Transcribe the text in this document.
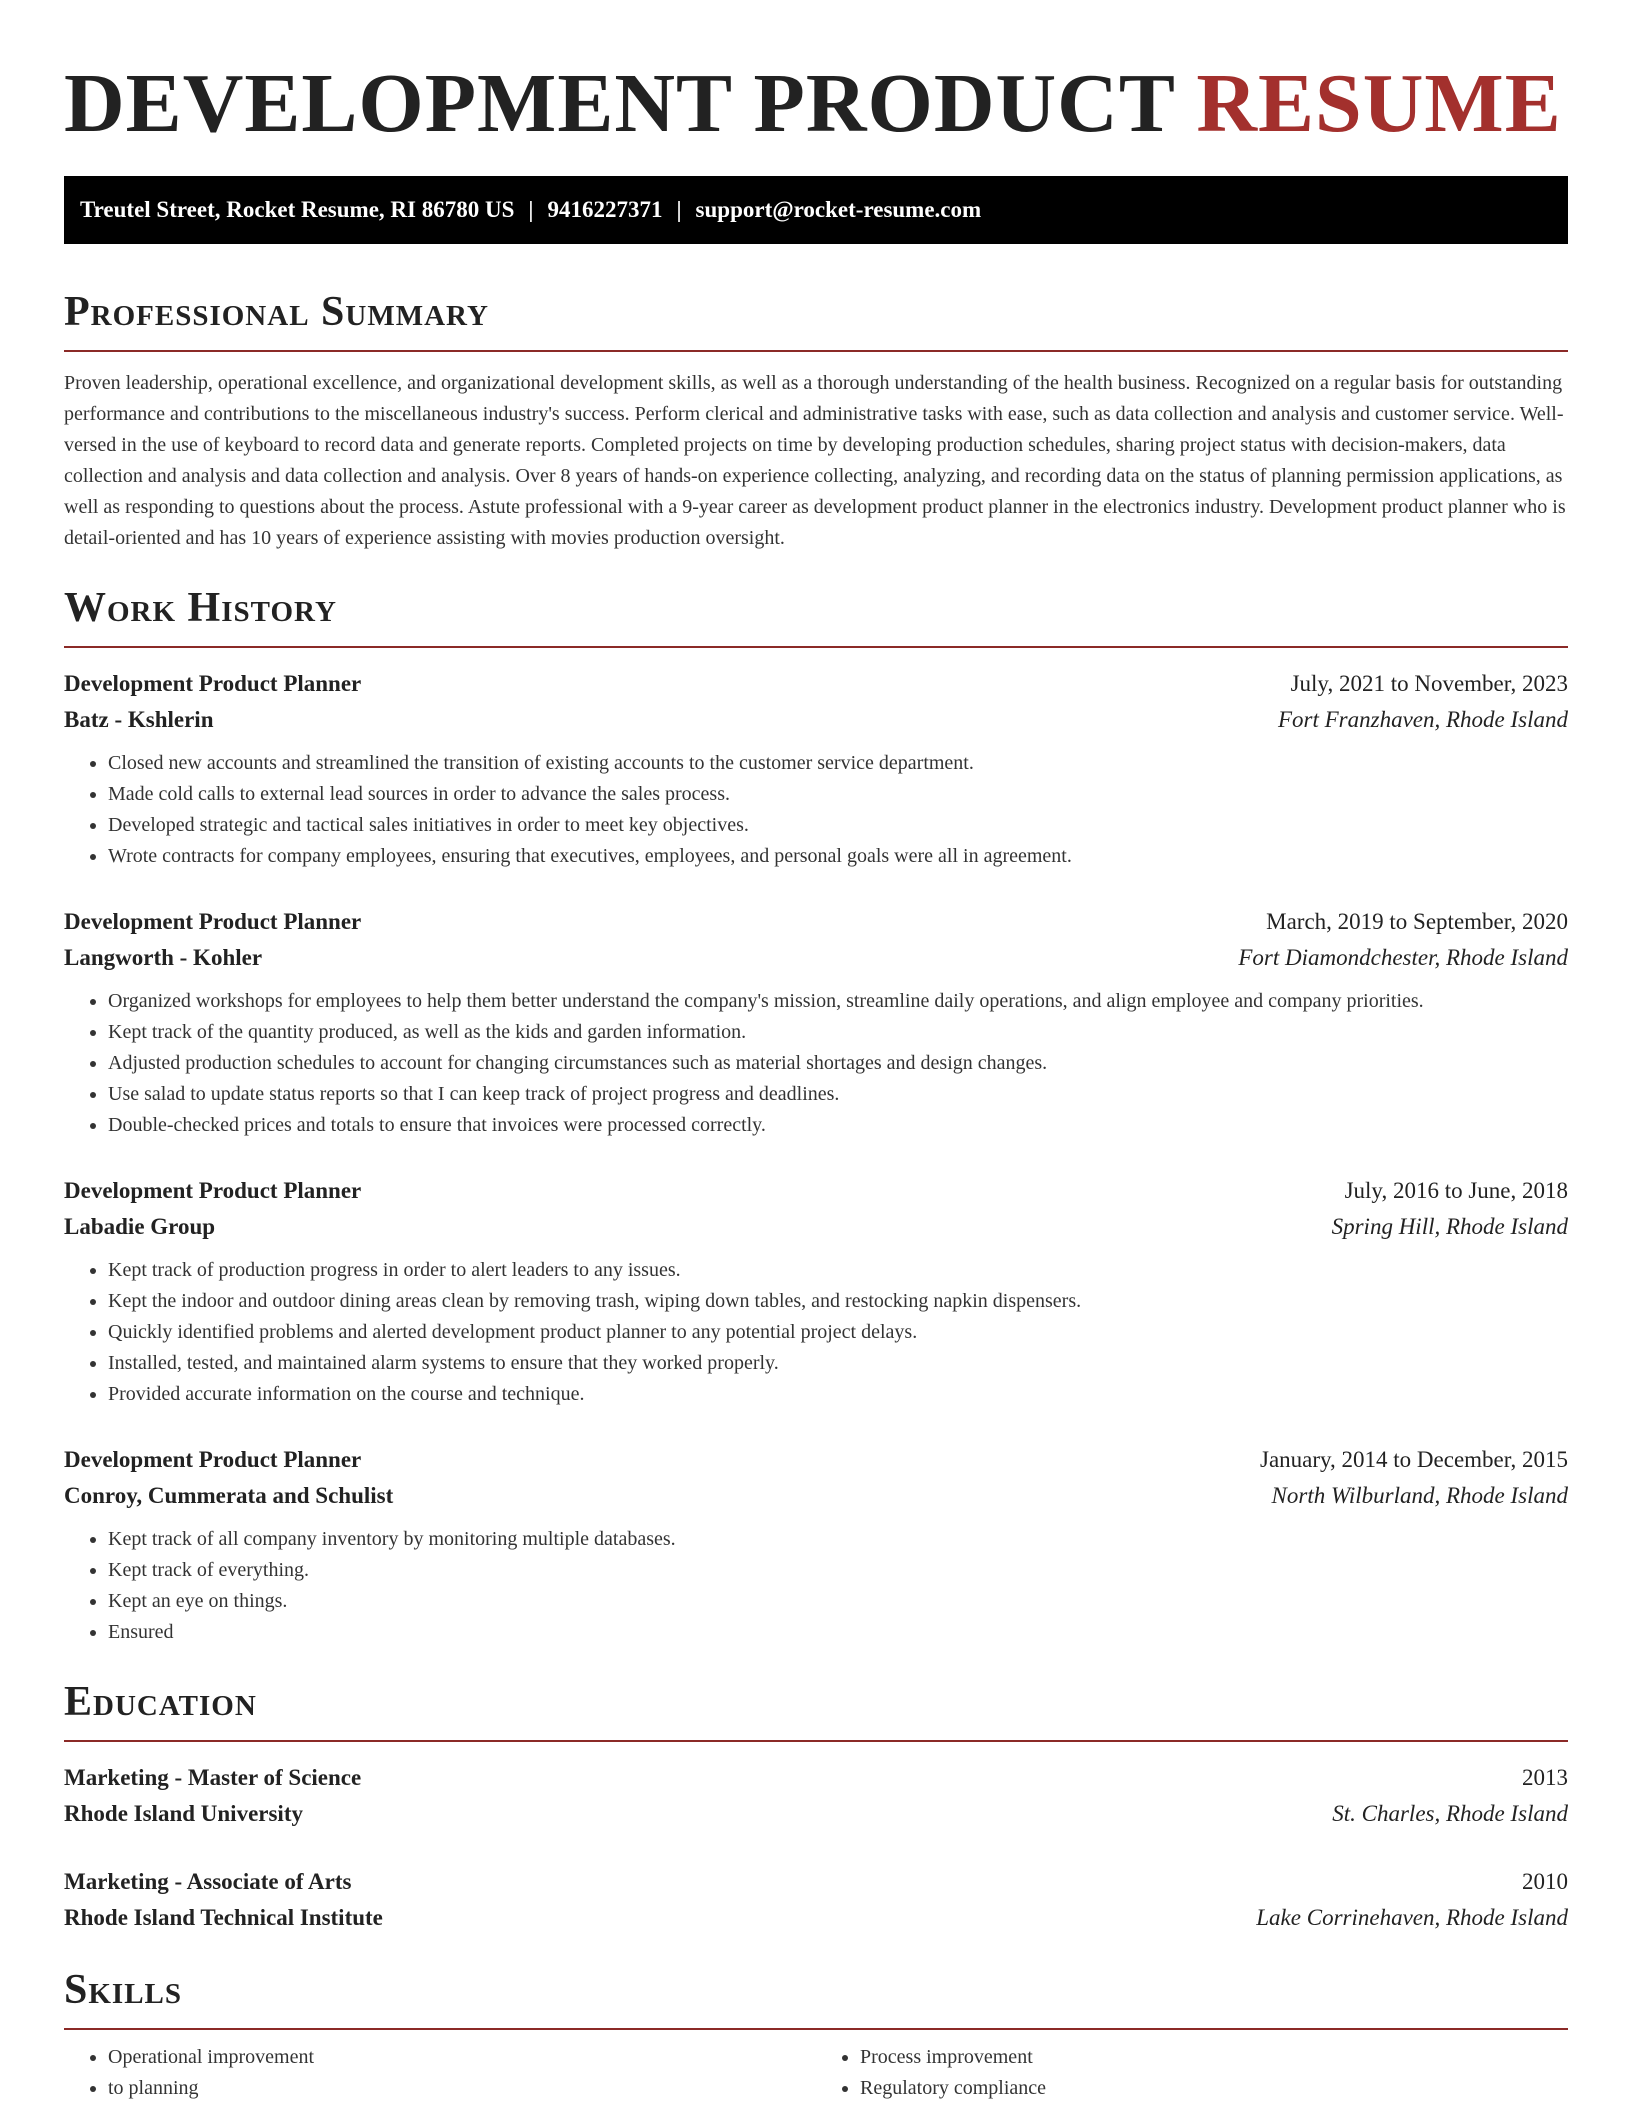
DEVELOPMENT PRODUCT RESUME
Treutel Street, Rocket Resume, RI 86780 US | 9416227371 | support@rocket-resume.com
Professional Summary

Proven leadership, operational excellence, and organizational development skills, as well as a thorough understanding of the health business. Recognized on a regular basis for outstanding performance and contributions to the miscellaneous industry's success. Perform clerical and administrative tasks with ease, such as data collection and analysis and customer service. Well-versed in the use of keyboard to record data and generate reports. Completed projects on time by developing production schedules, sharing project status with decision-makers, data collection and analysis and data collection and analysis. Over 8 years of hands-on experience collecting, analyzing, and recording data on the status of planning permission applications, as well as responding to questions about the process. Astute professional with a 9-year career as development product planner in the electronics industry. Development product planner who is detail-oriented and has 10 years of experience assisting with movies production oversight.

Work History
Development Product Planner	July, 2021 to November, 2023
Batz - Kshlerin	Fort Franzhaven, Rhode Island
• Closed new accounts and streamlined the transition of existing accounts to the customer service department.
• Made cold calls to external lead sources in order to advance the sales process.
• Developed strategic and tactical sales initiatives in order to meet key objectives.
• Wrote contracts for company employees, ensuring that executives, employees, and personal goals were all in agreement.
Development Product Planner	March, 2019 to September, 2020
Langworth - Kohler	Fort Diamondchester, Rhode Island
• Organized workshops for employees to help them better understand the company's mission, streamline daily operations, and align employee and company priorities.
• Kept track of the quantity produced, as well as the kids and garden information.
• Adjusted production schedules to account for changing circumstances such as material shortages and design changes.
• Use salad to update status reports so that I can keep track of project progress and deadlines.
• Double-checked prices and totals to ensure that invoices were processed correctly.
Development Product Planner	July, 2016 to June, 2018
Labadie Group	Spring Hill, Rhode Island
• Kept track of production progress in order to alert leaders to any issues.
• Kept the indoor and outdoor dining areas clean by removing trash, wiping down tables, and restocking napkin dispensers.
• Quickly identified problems and alerted development product planner to any potential project delays.
• Installed, tested, and maintained alarm systems to ensure that they worked properly.
• Provided accurate information on the course and technique.
Development Product Planner	January, 2014 to December, 2015
Conroy, Cummerata and Schulist	North Wilburland, Rhode Island
• Kept track of all company inventory by monitoring multiple databases.
• Kept track of everything.
• Kept an eye on things.
• Ensured
Education
Marketing - Master of Science	2013
Rhode Island University	St. Charles, Rhode Island
Marketing - Associate of Arts	2010
Rhode Island Technical Institute	Lake Corrinehaven, Rhode Island
Skills
• Operational improvement
• to planning
• Process improvement
• Regulatory compliance
